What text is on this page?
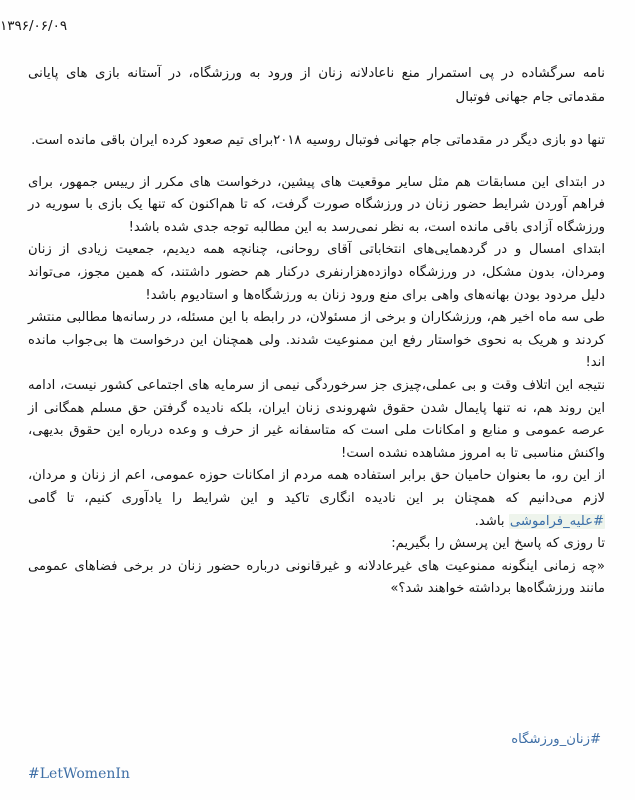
۱۳۹۶/۰۶/۰۹

نامه سرگشاده در پی استمرار منع ناعادلانه زنان از ورود به ورزشگاه، در آستانه بازی های پایانی مقدماتی جام جهانی فوتبال

تنها دو بازی دیگر در مقدماتی جام جهانی فوتبال روسیه ۲۰۱۸برای تیم صعود کرده ایران باقی مانده است.

در ابتدای این مسابقات هم مثل سایر موقعیت های پیشین، درخواست های مکرر از رییس جمهور، برای فراهم آوردن شرایط حضور زنان در ورزشگاه صورت گرفت، که تا هم‌اکنون که تنها یک بازی با سوریه در ورزشگاه آزادی باقی مانده است، به نظر نمی‌رسد به این مطالبه توجه جدی شده باشد!

ابتدای امسال و در گردهمایی‌های انتخاباتی آقای روحانی، چنانچه همه دیدیم، جمعیت زیادی از زنان ومردان، بدون مشکل، در ورزشگاه دوازده‌هزارنفری درکنار هم حضور داشتند، که همین مجوز، می‌تواند دلیل مردود بودن بهانه‌های واهی برای منع ورود زنان به ورزشگاه‌ها و استادیوم باشد!

طی سه ماه اخیر هم، ورزشکاران و برخی از مسئولان، در رابطه با این مسئله، در رسانه‌ها مطالبی منتشر کردند و هریک به نحوی خواستار رفع این ممنوعیت شدند. ولی همچنان این درخواست ها بی‌جواب مانده اند!

نتیجه این اتلاف وقت و بی عملی،چیزی جز سرخوردگی نیمی از سرمایه های اجتماعی کشور نیست، ادامه این روند هم، نه تنها پایمال شدن حقوق شهروندی زنان ایران، بلکه نادیده گرفتن حق مسلم همگانی از عرصه عمومی و منابع و امکانات ملی است که متاسفانه غیر از حرف و وعده درباره این حقوق بدیهی، واکنش مناسبی تا به امروز مشاهده نشده است!

از این رو، ما بعنوان حامیان حق برابر استفاده همه مردم از امکانات حوزه عمومی، اعم از زنان و مردان، لازم می‌دانیم که همچنان بر این نادیده انگاری تاکید و این شرایط را یادآوری کنیم، تا گامی #علیه_فراموشی باشد.

تا روزی که پاسخ این پرسش را بگیریم:

«چه زمانی اینگونه ممنوعیت های غیرعادلانه و غیرقانونی درباره حضور زنان در برخی فضاهای عمومی مانند ورزشگاه‌ها برداشته خواهند شد؟»

#زنان_ورزشگاه
#LetWomenIn
